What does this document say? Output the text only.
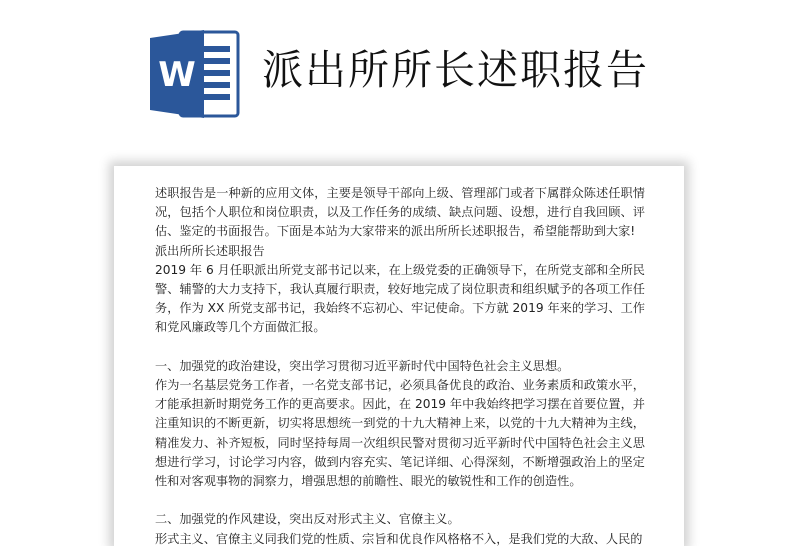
W 派出所所长述职报告

述职报告是一种新的应用文体，主要是领导干部向上级、管理部门或者下属群众陈述任职情况，包括个人职位和岗位职责，以及工作任务的成绩、缺点问题、设想，进行自我回顾、评估、鉴定的书面报告。下面是本站为大家带来的派出所所长述职报告，希望能帮助到大家!

派出所所长述职报告

2019 年 6 月任职派出所党支部书记以来，在上级党委的正确领导下，在所党支部和全所民警、辅警的大力支持下，我认真履行职责，较好地完成了岗位职责和组织赋予的各项工作任务，作为 XX 所党支部书记，我始终不忘初心、牢记使命。下方就 2019 年来的学习、工作和党风廉政等几个方面做汇报。

一、加强党的政治建设，突出学习贯彻习近平新时代中国特色社会主义思想。

作为一名基层党务工作者，一名党支部书记，必须具备优良的政治、业务素质和政策水平，才能承担新时期党务工作的更高要求。因此，在 2019 年中我始终把学习摆在首要位置，并注重知识的不断更新，切实将思想统一到党的十九大精神上来，以党的十九大精神为主线，精准发力、补齐短板，同时坚持每周一次组织民警对贯彻习近平新时代中国特色社会主义思想进行学习，讨论学习内容，做到内容充实、笔记详细、心得深刻，不断增强政治上的坚定性和对客观事物的洞察力，增强思想的前瞻性、眼光的敏锐性和工作的创造性。

二、加强党的作风建设，突出反对形式主义、官僚主义。

形式主义、官僚主义同我们党的性质、宗旨和优良作风格格不入，是我们党的大敌、人民的
